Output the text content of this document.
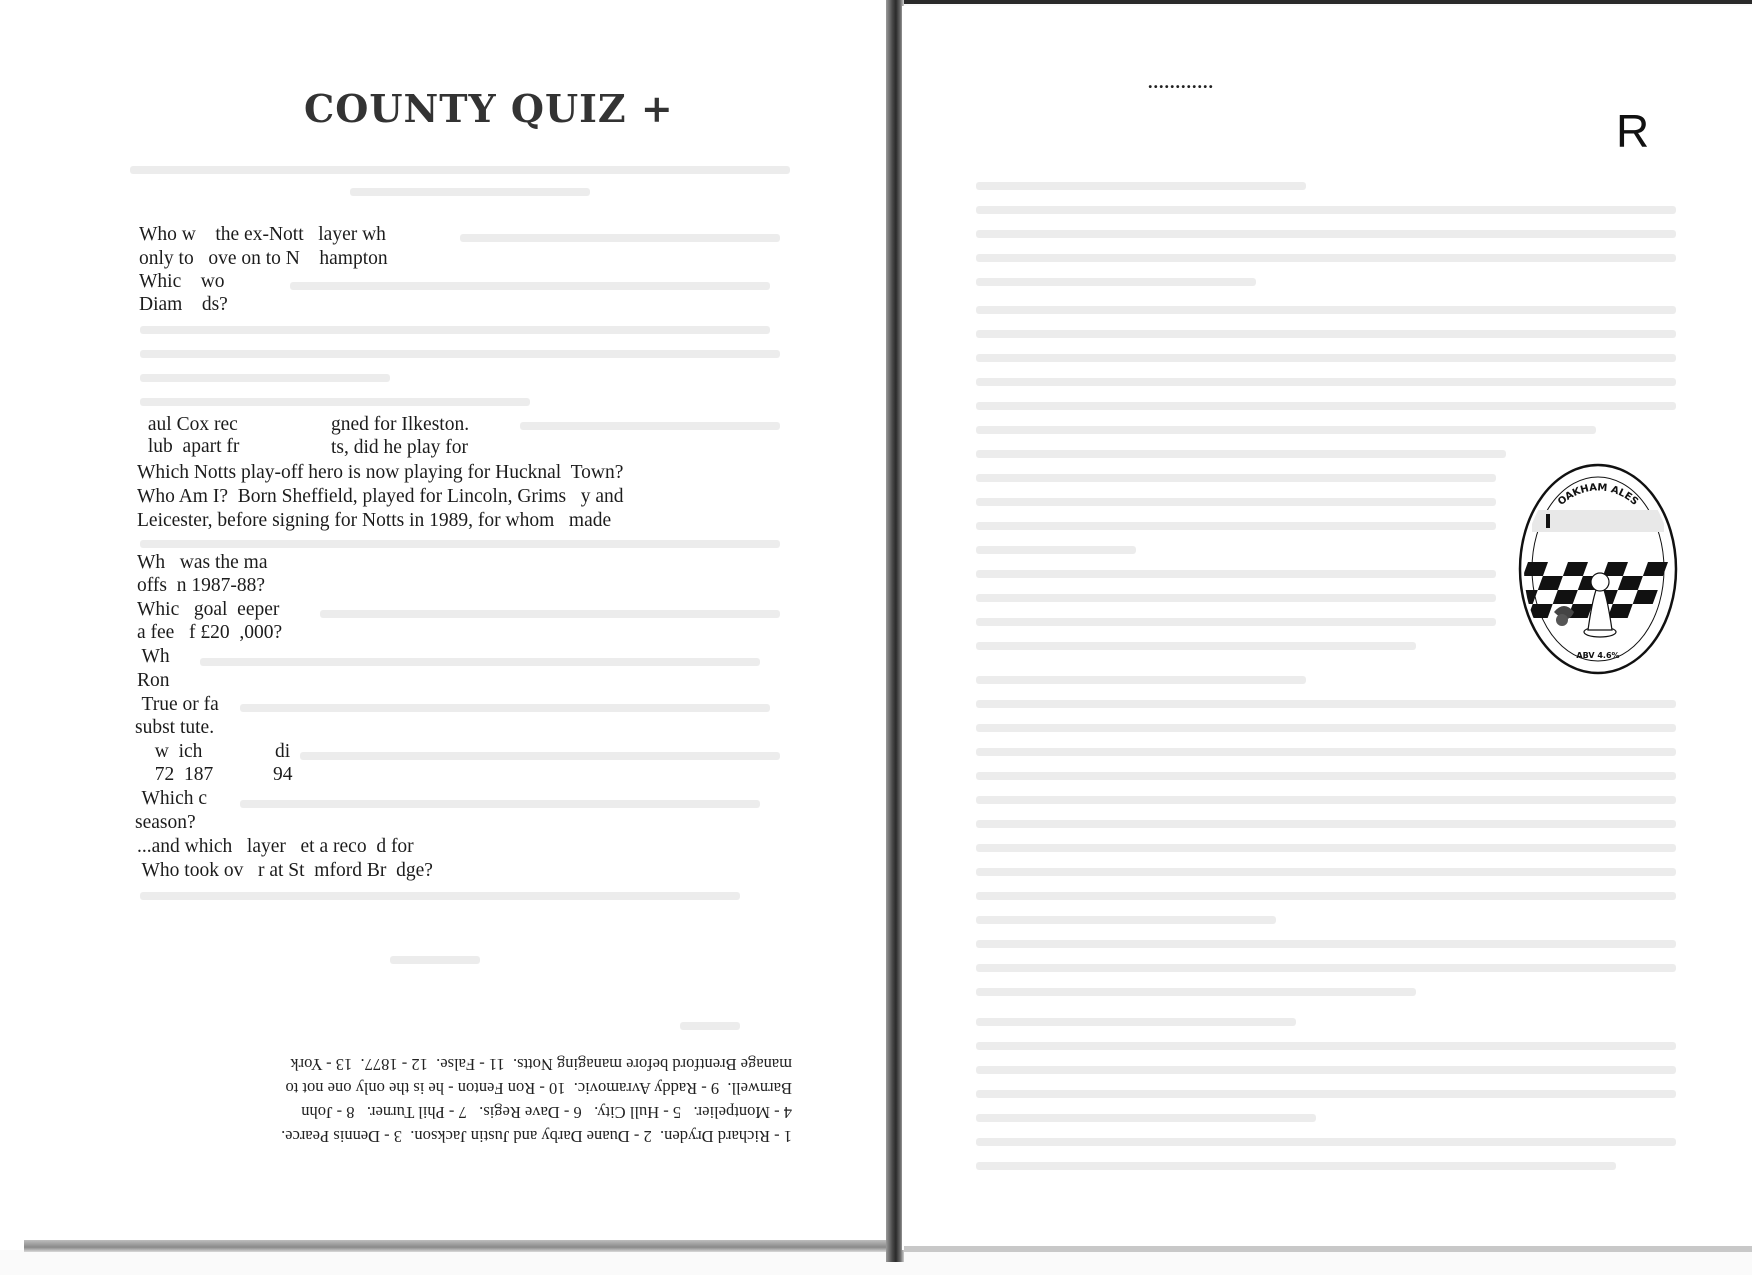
COUNTY QUIZ +
Who w    the ex-Nott   layer wh
only to   ove on to N    hampton
Whic    wo
Diam    ds?
aul Cox rec	gned for Ilkeston.
lub  apart fr	ts, did he play for
Which Notts play-off hero is now playing for Hucknal  Town?
Who Am I?  Born Sheffield, played for Lincoln, Grims   y and
Leicester, before signing for Notts in 1989, for whom   made
Wh   was the ma
offs  n 1987-88?
Whic   goal  eeper
a fee   f £20  ,000?
Wh
Ron
True or fa
subst tute.
w  ich	di
72  187	94
Which c
season?
...and which   layer   et a reco  d for
Who took ov   r at St  mford Br  dge?
1 - Richard Dryden.  2 - Duane Darby and Justin Jackson.  3 - Dennis Pearce.
4 - Montpelier.   5 - Hull City.   6 - Dave Regis.   7 - Phil Turner.   8 - John
Barnwell.  9 - Raddy Avramovic.  10 - Ron Fenton - he is the only one not to
manage Brentford before managing Notts.  11 - False.  12 - 1877.  13 - York
............
R
OAKHAM ALES
ABV 4.6%
